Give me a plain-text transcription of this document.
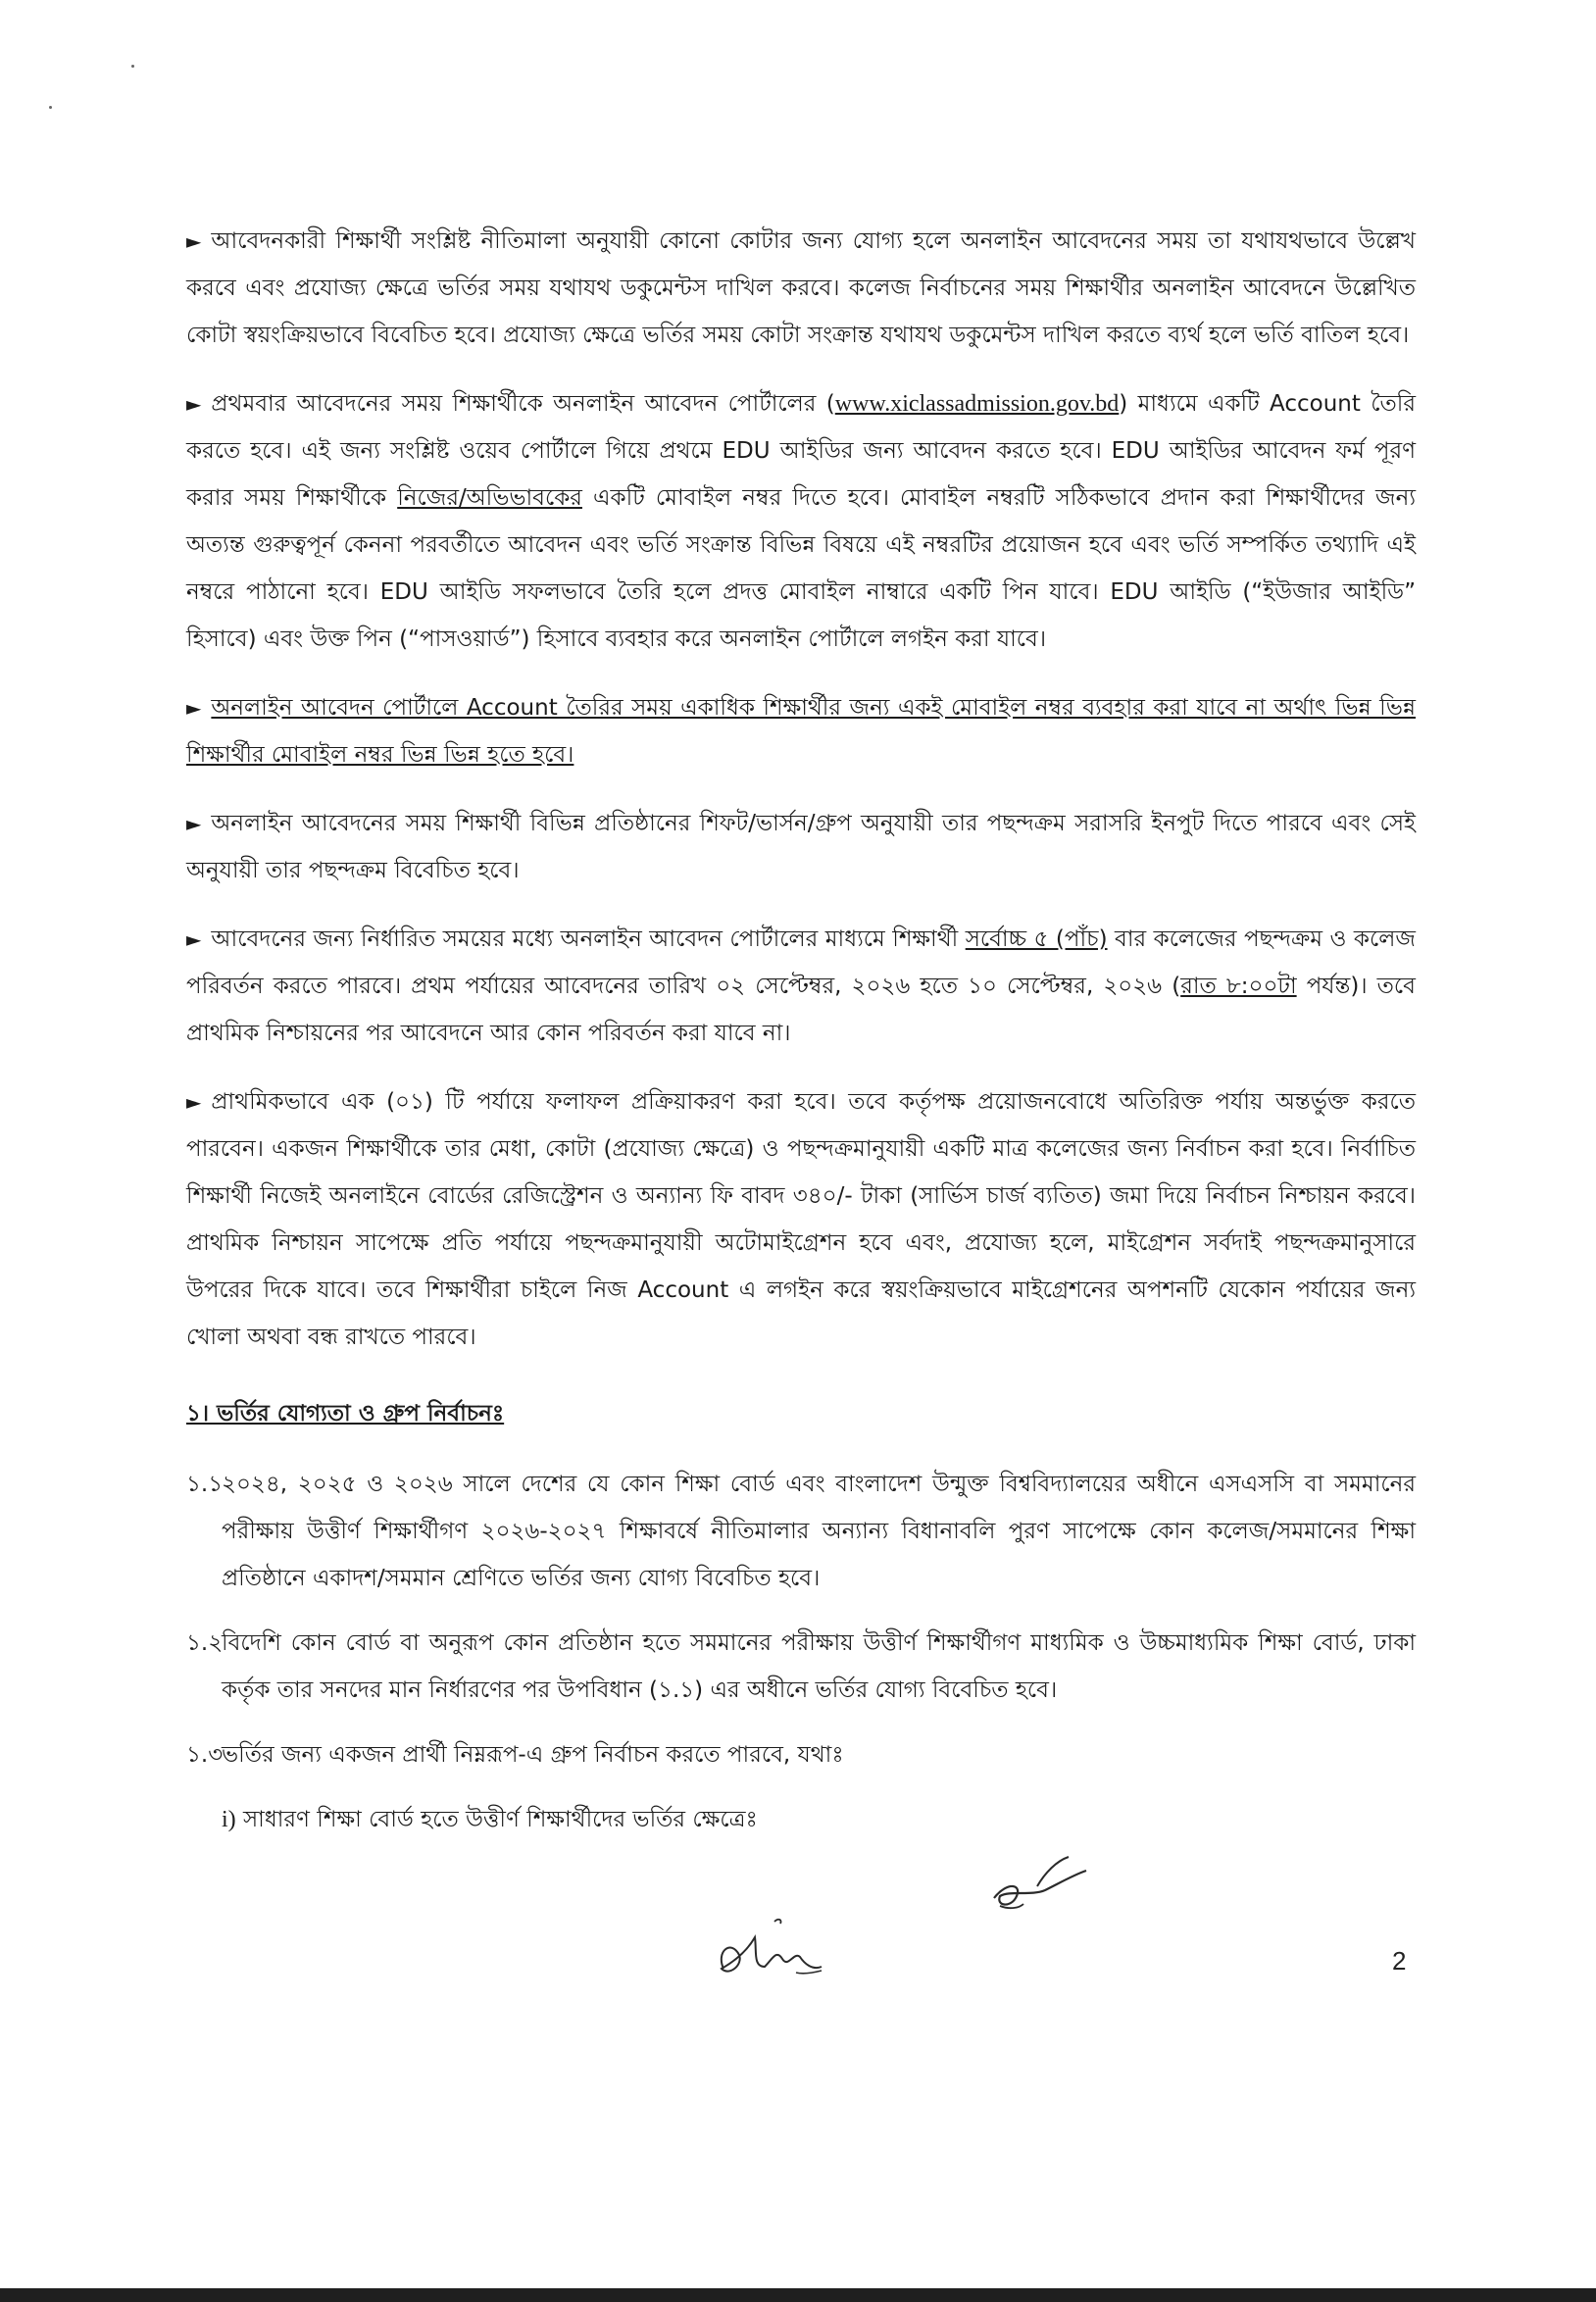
► আবেদনকারী শিক্ষার্থী সংশ্লিষ্ট নীতিমালা অনুযায়ী কোনো কোটার জন্য যোগ্য হলে অনলাইন আবেদনের সময় তা যথাযথভাবে উল্লেখ করবে এবং প্রযোজ্য ক্ষেত্রে ভর্তির সময় যথাযথ ডকুমেন্টস দাখিল করবে। কলেজ নির্বাচনের সময় শিক্ষার্থীর অনলাইন আবেদনে উল্লেখিত কোটা স্বয়ংক্রিয়ভাবে বিবেচিত হবে। প্রযোজ্য ক্ষেত্রে ভর্তির সময় কোটা সংক্রান্ত যথাযথ ডকুমেন্টস দাখিল করতে ব্যর্থ হলে ভর্তি বাতিল হবে।

► প্রথমবার আবেদনের সময় শিক্ষার্থীকে অনলাইন আবেদন পোর্টালের (www.xiclassadmission.gov.bd) মাধ্যমে একটি Account তৈরি করতে হবে। এই জন্য সংশ্লিষ্ট ওয়েব পোর্টালে গিয়ে প্রথমে EDU আইডির জন্য আবেদন করতে হবে। EDU আইডির আবেদন ফর্ম পূরণ করার সময় শিক্ষার্থীকে নিজের/অভিভাবকের একটি মোবাইল নম্বর দিতে হবে। মোবাইল নম্বরটি সঠিকভাবে প্রদান করা শিক্ষার্থীদের জন্য অত্যন্ত গুরুত্বপূর্ন কেননা পরবর্তীতে আবেদন এবং ভর্তি সংক্রান্ত বিভিন্ন বিষয়ে এই নম্বরটির প্রয়োজন হবে এবং ভর্তি সম্পর্কিত তথ্যাদি এই নম্বরে পাঠানো হবে। EDU আইডি সফলভাবে তৈরি হলে প্রদত্ত মোবাইল নাম্বারে একটি পিন যাবে। EDU আইডি (“ইউজার আইডি” হিসাবে) এবং উক্ত পিন (“পাসওয়ার্ড”) হিসাবে ব্যবহার করে অনলাইন পোর্টালে লগইন করা যাবে।

► অনলাইন আবেদন পোর্টালে Account তৈরির সময় একাধিক শিক্ষার্থীর জন্য একই মোবাইল নম্বর ব্যবহার করা যাবে না অর্থাৎ ভিন্ন ভিন্ন শিক্ষার্থীর মোবাইল নম্বর ভিন্ন ভিন্ন হতে হবে।

► অনলাইন আবেদনের সময় শিক্ষার্থী বিভিন্ন প্রতিষ্ঠানের শিফট/ভার্সন/গ্রুপ অনুযায়ী তার পছন্দক্রম সরাসরি ইনপুট দিতে পারবে এবং সেই অনুযায়ী তার পছন্দক্রম বিবেচিত হবে।

► আবেদনের জন্য নির্ধারিত সময়ের মধ্যে অনলাইন আবেদন পোর্টালের মাধ্যমে শিক্ষার্থী সর্বোচ্চ ৫ (পাঁচ) বার কলেজের পছন্দক্রম ও কলেজ পরিবর্তন করতে পারবে। প্রথম পর্যায়ের আবেদনের তারিখ ০২ সেপ্টেম্বর, ২০২৬ হতে ১০ সেপ্টেম্বর, ২০২৬ (রাত ৮:০০টা পর্যন্ত)। তবে প্রাথমিক নিশ্চায়নের পর আবেদনে আর কোন পরিবর্তন করা যাবে না।

► প্রাথমিকভাবে এক (০১) টি পর্যায়ে ফলাফল প্রক্রিয়াকরণ করা হবে। তবে কর্তৃপক্ষ প্রয়োজনবোধে অতিরিক্ত পর্যায় অন্তর্ভুক্ত করতে পারবেন। একজন শিক্ষার্থীকে তার মেধা, কোটা (প্রযোজ্য ক্ষেত্রে) ও পছন্দক্রমানুযায়ী একটি মাত্র কলেজের জন্য নির্বাচন করা হবে। নির্বাচিত শিক্ষার্থী নিজেই অনলাইনে বোর্ডের রেজিস্ট্রেশন ও অন্যান্য ফি বাবদ ৩৪০/- টাকা (সার্ভিস চার্জ ব্যতিত) জমা দিয়ে নির্বাচন নিশ্চায়ন করবে। প্রাথমিক নিশ্চায়ন সাপেক্ষে প্রতি পর্যায়ে পছন্দক্রমানুযায়ী অটোমাইগ্রেশন হবে এবং, প্রযোজ্য হলে, মাইগ্রেশন সর্বদাই পছন্দক্রমানুসারে উপরের দিকে যাবে। তবে শিক্ষার্থীরা চাইলে নিজ Account এ লগইন করে স্বয়ংক্রিয়ভাবে মাইগ্রেশনের অপশনটি যেকোন পর্যায়ের জন্য খোলা অথবা বন্ধ রাখতে পারবে।

১। ভর্তির যোগ্যতা ও গ্রুপ নির্বাচনঃ

১.১
২০২৪, ২০২৫ ও ২০২৬ সালে দেশের যে কোন শিক্ষা বোর্ড এবং বাংলাদেশ উন্মুক্ত বিশ্ববিদ্যালয়ের অধীনে এসএসসি বা সমমানের পরীক্ষায় উত্তীর্ণ শিক্ষার্থীগণ ২০২৬-২০২৭ শিক্ষাবর্ষে নীতিমালার অন্যান্য বিধানাবলি পুরণ সাপেক্ষে কোন কলেজ/সমমানের শিক্ষা প্রতিষ্ঠানে একাদশ/সমমান শ্রেণিতে ভর্তির জন্য যোগ্য বিবেচিত হবে।

১.২
বিদেশি কোন বোর্ড বা অনুরূপ কোন প্রতিষ্ঠান হতে সমমানের পরীক্ষায় উত্তীর্ণ শিক্ষার্থীগণ মাধ্যমিক ও উচ্চমাধ্যমিক শিক্ষা বোর্ড, ঢাকা কর্তৃক তার সনদের মান নির্ধারণের পর উপবিধান (১.১) এর অধীনে ভর্তির যোগ্য বিবেচিত হবে।

১.৩
ভর্তির জন্য একজন প্রার্থী নিম্নরূপ-এ গ্রুপ নির্বাচন করতে পারবে, যথাঃ

i) সাধারণ শিক্ষা বোর্ড হতে উত্তীর্ণ শিক্ষার্থীদের ভর্তির ক্ষেত্রেঃ

2
